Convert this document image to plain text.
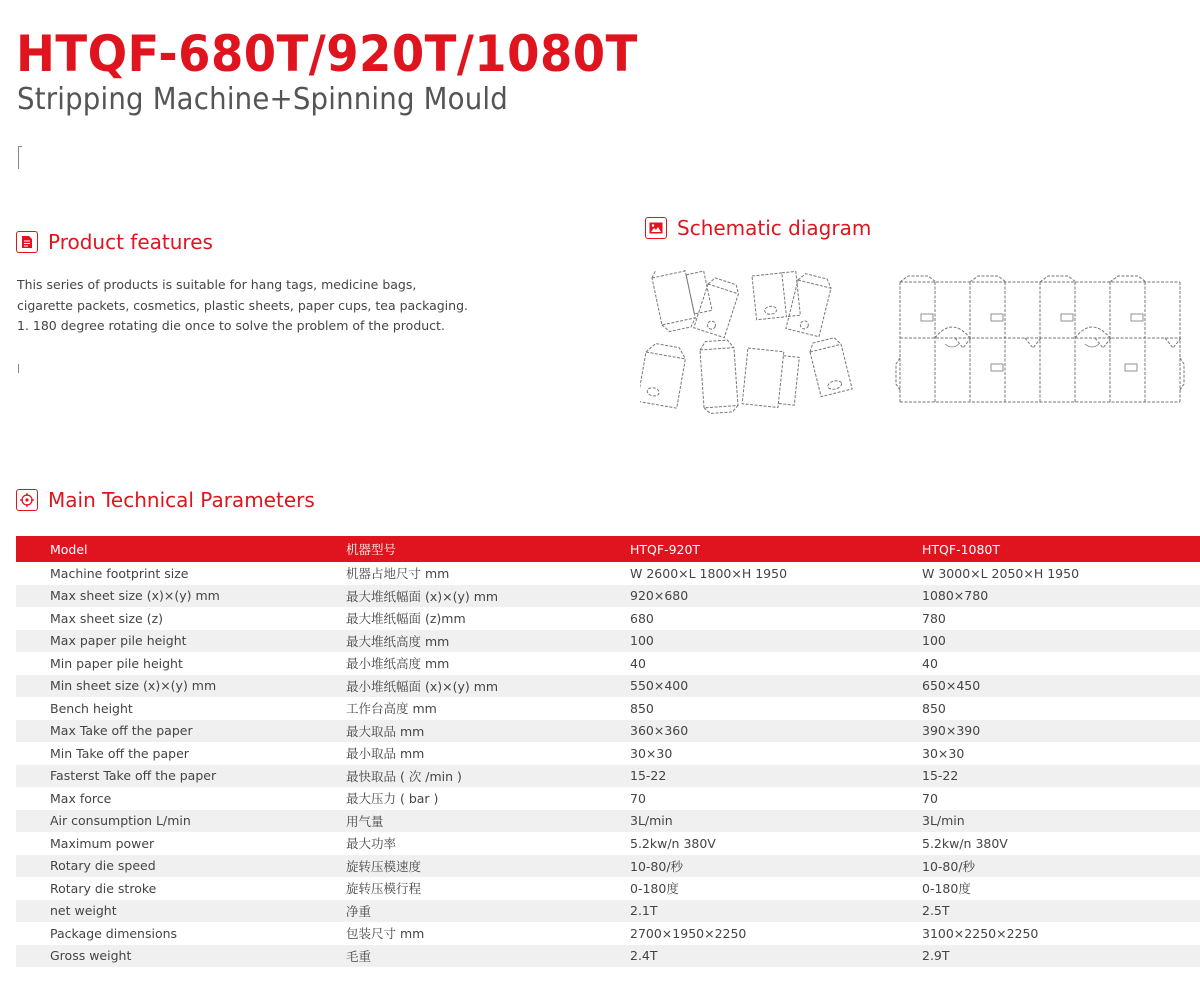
HTQF-680T/920T/1080T
Stripping Machine+Spinning Mould
Product features
This series of products is suitable for hang tags, medicine bags,
cigarette packets, cosmetics, plastic sheets, paper cups, tea packaging.
1. 180 degree rotating die once to solve the problem of the product.
Schematic diagram
Main Technical Parameters
Model	机器型号	HTQF-920T	HTQF-1080T
Machine footprint size	机器占地尺寸 mm	W 2600×L 1800×H 1950	W 3000×L 2050×H 1950
Max sheet size (x)×(y) mm	最大堆纸幅面 (x)×(y) mm	920×680	1080×780
Max sheet size (z)	最大堆纸幅面 (z)mm	680	780
Max paper pile height	最大堆纸高度 mm	100	100
Min paper pile height	最小堆纸高度 mm	40	40
Min sheet size (x)×(y) mm	最小堆纸幅面 (x)×(y) mm	550×400	650×450
Bench height	工作台高度 mm	850	850
Max Take off the paper	最大取品 mm	360×360	390×390
Min Take off the paper	最小取品 mm	30×30	30×30
Fasterst Take off the paper	最快取品 ( 次 /min )	15-22	15-22
Max force	最大压力 ( bar )	70	70
Air consumption L/min	用气量	3L/min	3L/min
Maximum power	最大功率	5.2kw/n 380V	5.2kw/n 380V
Rotary die speed	旋转压模速度	10-80/秒	10-80/秒
Rotary die stroke	旋转压模行程	0-180度	0-180度
net weight	净重	2.1T	2.5T
Package dimensions	包装尺寸 mm	2700×1950×2250	3100×2250×2250
Gross weight	毛重	2.4T	2.9T
